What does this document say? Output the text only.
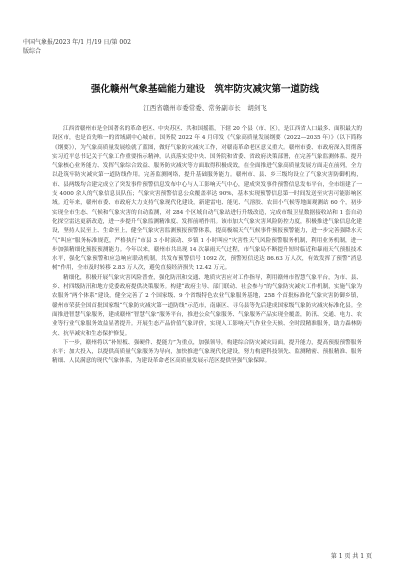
中国气象报/2023 年/1 月/19 日/第 002
版综合
强化赣州气象基础能力建设　筑牢防灾减灾第一道防线
江西省赣州市委常委、常务副市长　胡剑飞

江西省赣州市是全国著名的革命老区、中央苏区、共和国摇篮，下辖 20 个县（市、区），是江西省人口最多、面积最大的设区市，也是首先唯一的省域副中心城市。国务院 2022 年 4 月印发《气象高质量发展纲要（2022—2035 年）》（以下简称《纲要》），为气象高质量发展绘就了蓝图，做好气象防灾减灾工作，对赣南革命老区意义重大。赣州市委、市政府深入贯彻落实习近平总书记关于气象工作重要指示精神，认真落实党中央、国务院和省委、省政府决策部署，在完善气象监测体系、提升气象核心业务能力、发挥气象综合效益、服务防灾减灾等方面取得积极成效，在全面推进气象高质量发展方面走在前列，全力以赴筑牢防灾减灾第一道防线作用。完善监测网络，提升基础服务能力。赣州市、县、乡三级均设立了气象灾害防御机构，市、县两级均合建完成立了突发事件预警信息发布中心与人工影响天气中心，建成突发事件预警信息发布平台，全市组建了一支 4000 余人的气象信息员队伍；气象灾害预警信息公众覆盖率达 90%，基本实现预警信息第一时间发送至灾害可能影响区域。近年来，赣州市委、市政府大力支持气象现代化建设，新建雷电、能见、气溶胶、农田小气候等地面观测站 60 个，初步实现全市生态、气候和气象灾害的自动监测，对 284 个区域自动气象站进行升级改造，完成市级卫星数据接收站和 1 套自动化探空雷达更新改造，进一步提升气象监测精准度、发挥前哨作用。该市加大气象灾害风险防控力度，积极推进气象信息化建设，坚持人民至上、生命至上，健全气象灾害监测预报预警体系，提高极端天气气候事件预报预警能力，进一步完善强降水天气“叫应”服务标准规范，严格执行“市县 3 小时滚动、乡镇 1 小时叫应”灾害性天气风险预警服务机制，利用业务机制，进一步加强精细化预报预测能力。今年以来，赣州市共出现 14 次暴雨天气过程，市气象局不断提升短时临近和暴雨天气预报技术水平，强化气象预警和应急响应联动机制，共发布预警信号 1092 次，预警短信送达 86.63 万人次，有效发挥了预警“消息树”作用，全市及时转移 2.83 万人次，避免直接经济损失 12.42 万元。

精细化，积极开展气象灾害风险普查，强化防汛和交通、地质灾害应对工作指导，利用赣州市智慧气象平台，为市、县、乡、村四级防汛和地方党委政府提供决策服务。构建“政府主导、部门联动、社会参与”的气象防灾减灾工作机制，实施气象为农服务“两个体系”建设，健全完善了 2 个国家级、9 个省级特色农业气象服务基地，258 个首批标准化气象灾害防御乡镇，赣州市荣获全国首批国家级“气象防灾减灾第一道防线”示范市，南康区、寻乌县等先后建成国家级气象防灾减灾标准化县。全面推进智慧气象服务，建成赣州“智慧气象”服务平台，推进公众气象服务、气象服务产品实现全覆盖，防汛、交通、电力、农业等行业气象服务效益显著提升。开展生态产品价值气象评价，实现人工影响天气作业全天候、全时段精准服务，助力森林防火、抗旱减灾和生态保护修复。

下一步，赣州将以“补短板、强硬件、提能力”为重点，加强领导，构建综合防灾减灾局面，提升能力，提高预报预警服务水平；加大投入，以提供高质量气象服务为导向，加快推进气象现代化建设，努力构建科技领先、监测精密、预报精准、服务精细、人民满意的现代气象体系，为建设革命老区高质量发展示范区提供坚强气象保障。

第 1 页 共 1 页
